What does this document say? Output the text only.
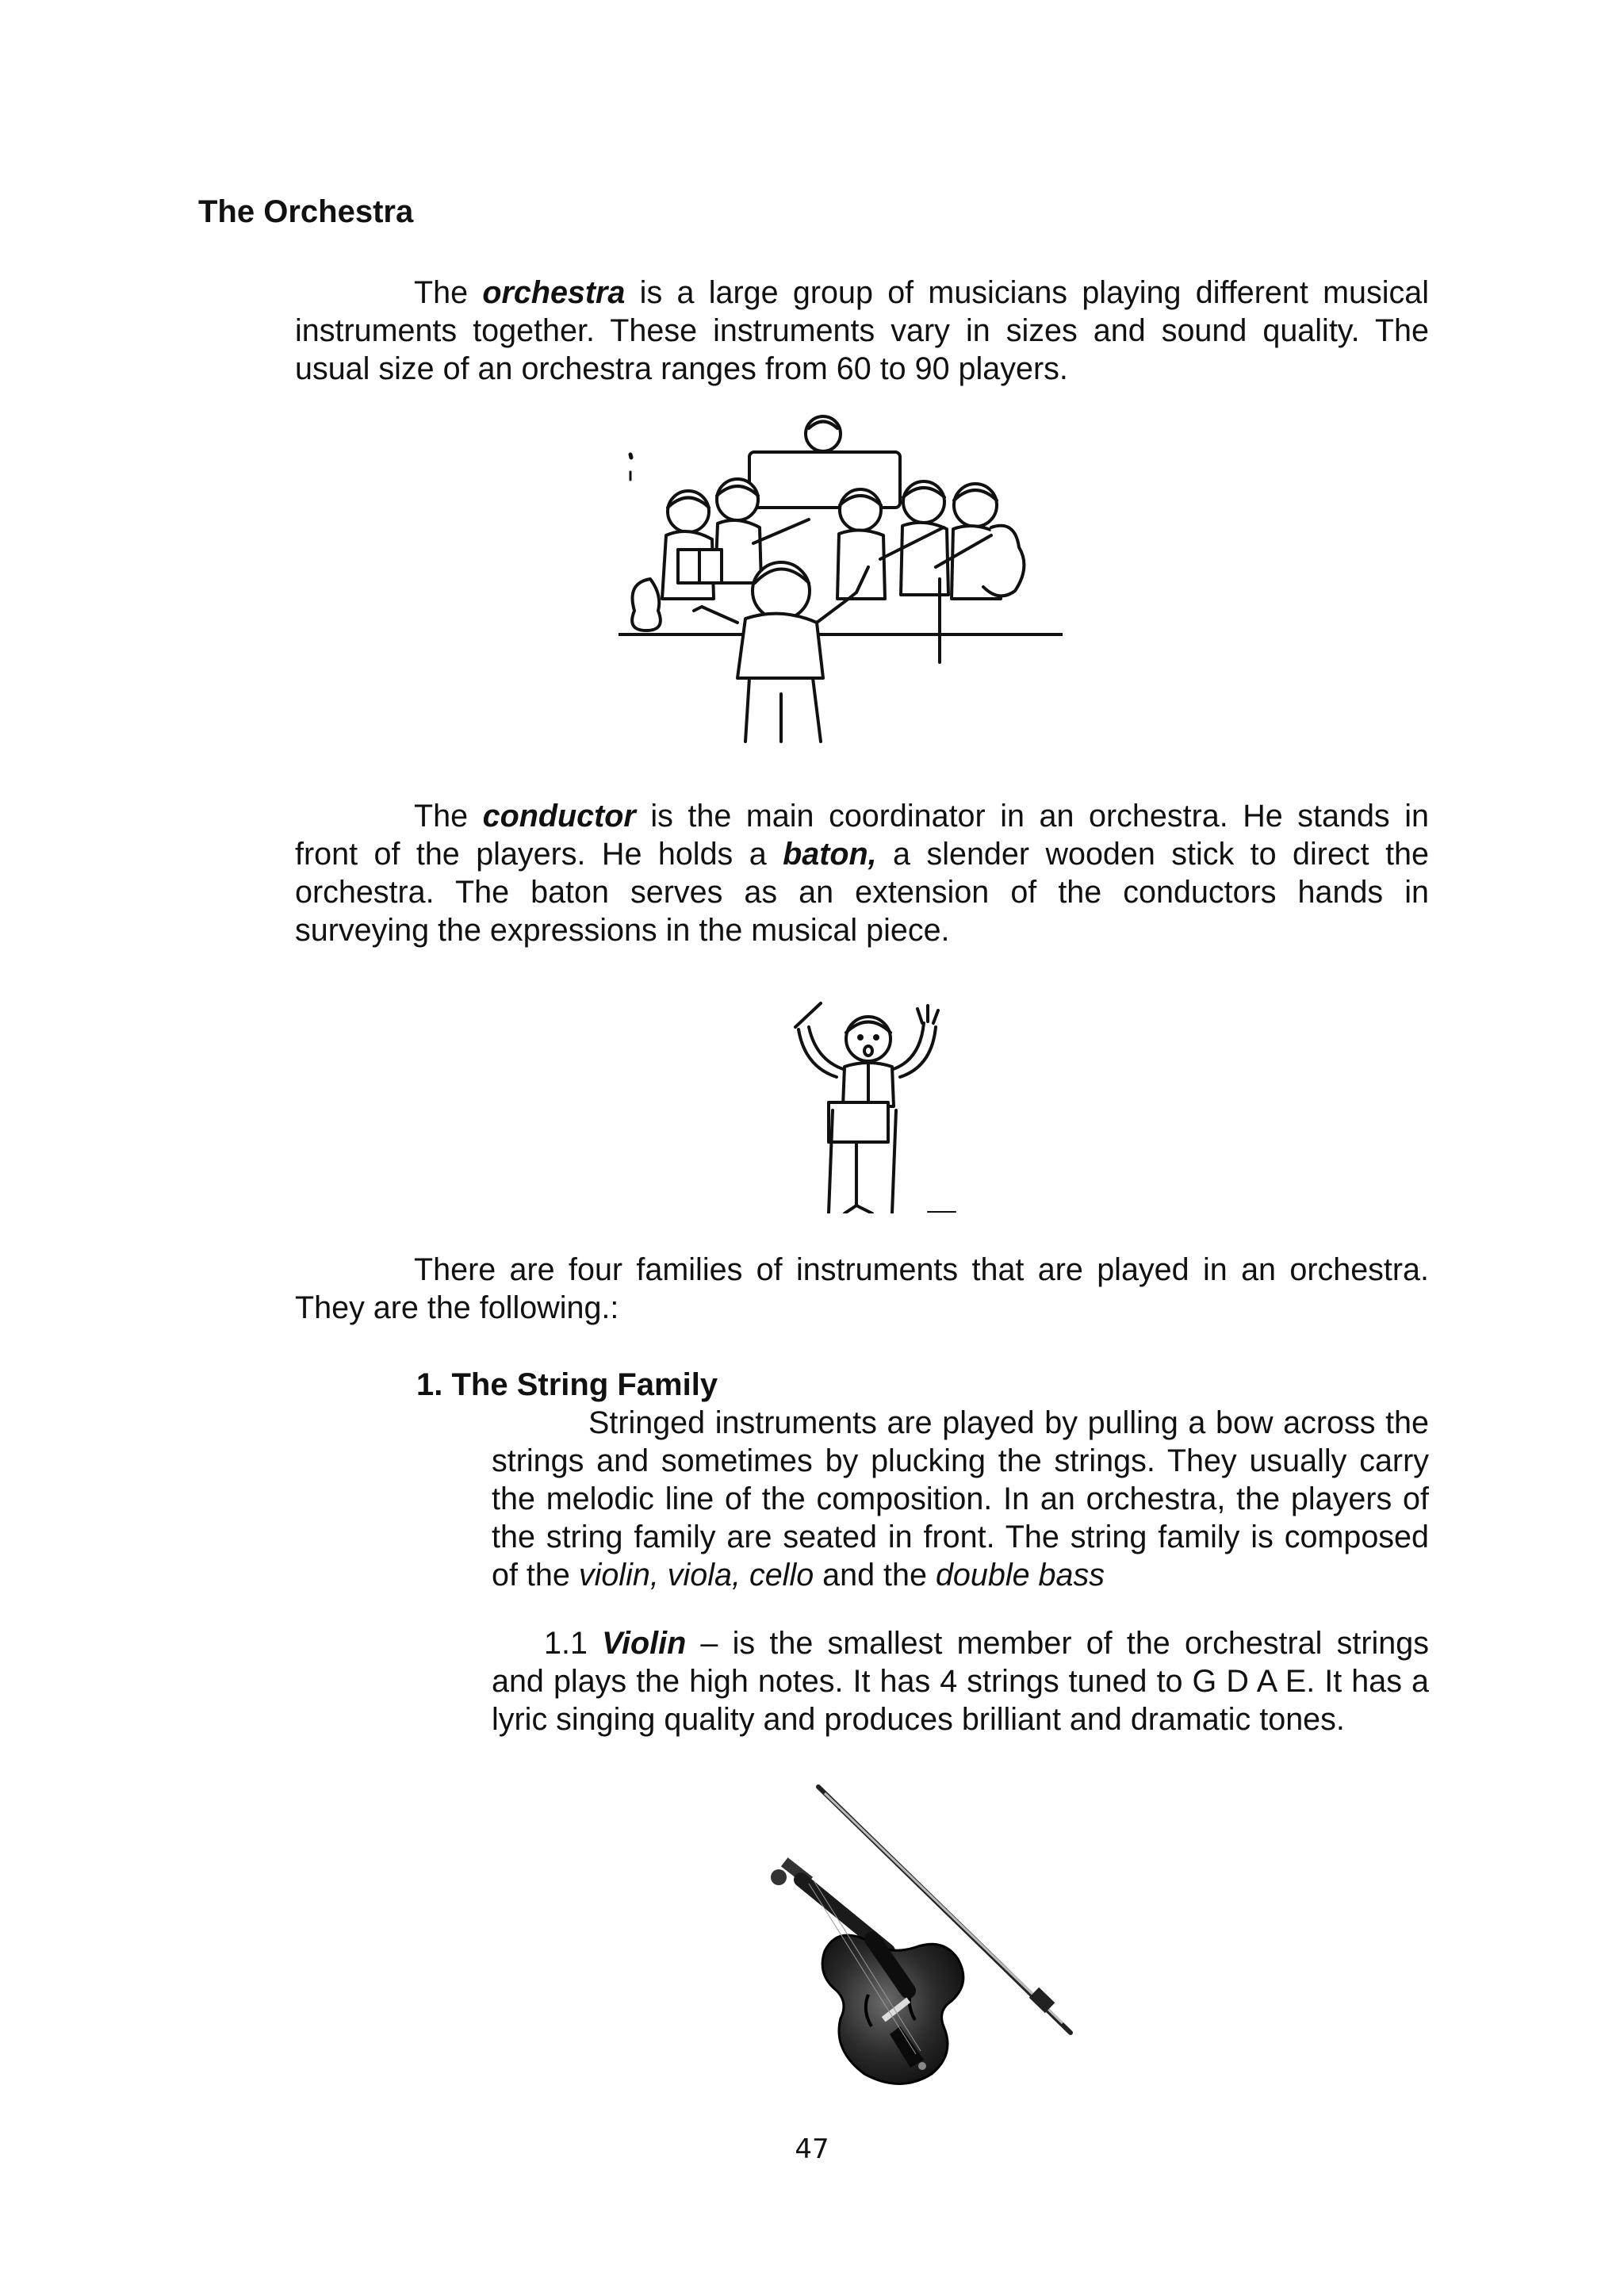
The Orchestra
The orchestra is a large group of musicians playing different musical instruments together. These instruments vary in sizes and sound quality. The usual size of an orchestra ranges from 60 to 90 players.
The conductor is the main coordinator in an orchestra. He stands in front of the players. He holds a baton, a slender wooden stick to direct the orchestra. The baton serves as an extension of the conductors hands in surveying the expressions in the musical piece.
There are four families of instruments that are played in an orchestra. They are the following.:
1. The String Family
Stringed instruments are played by pulling a bow across the strings and sometimes by plucking the strings. They usually carry the melodic line of the composition. In an orchestra, the players of the string family are seated in front. The string family is composed of the violin, viola, cello and the double bass
1.1 Violin – is the smallest member of the orchestral strings and plays the high notes. It has 4 strings tuned to G D A E. It has a lyric singing quality and produces brilliant and dramatic tones.
47
